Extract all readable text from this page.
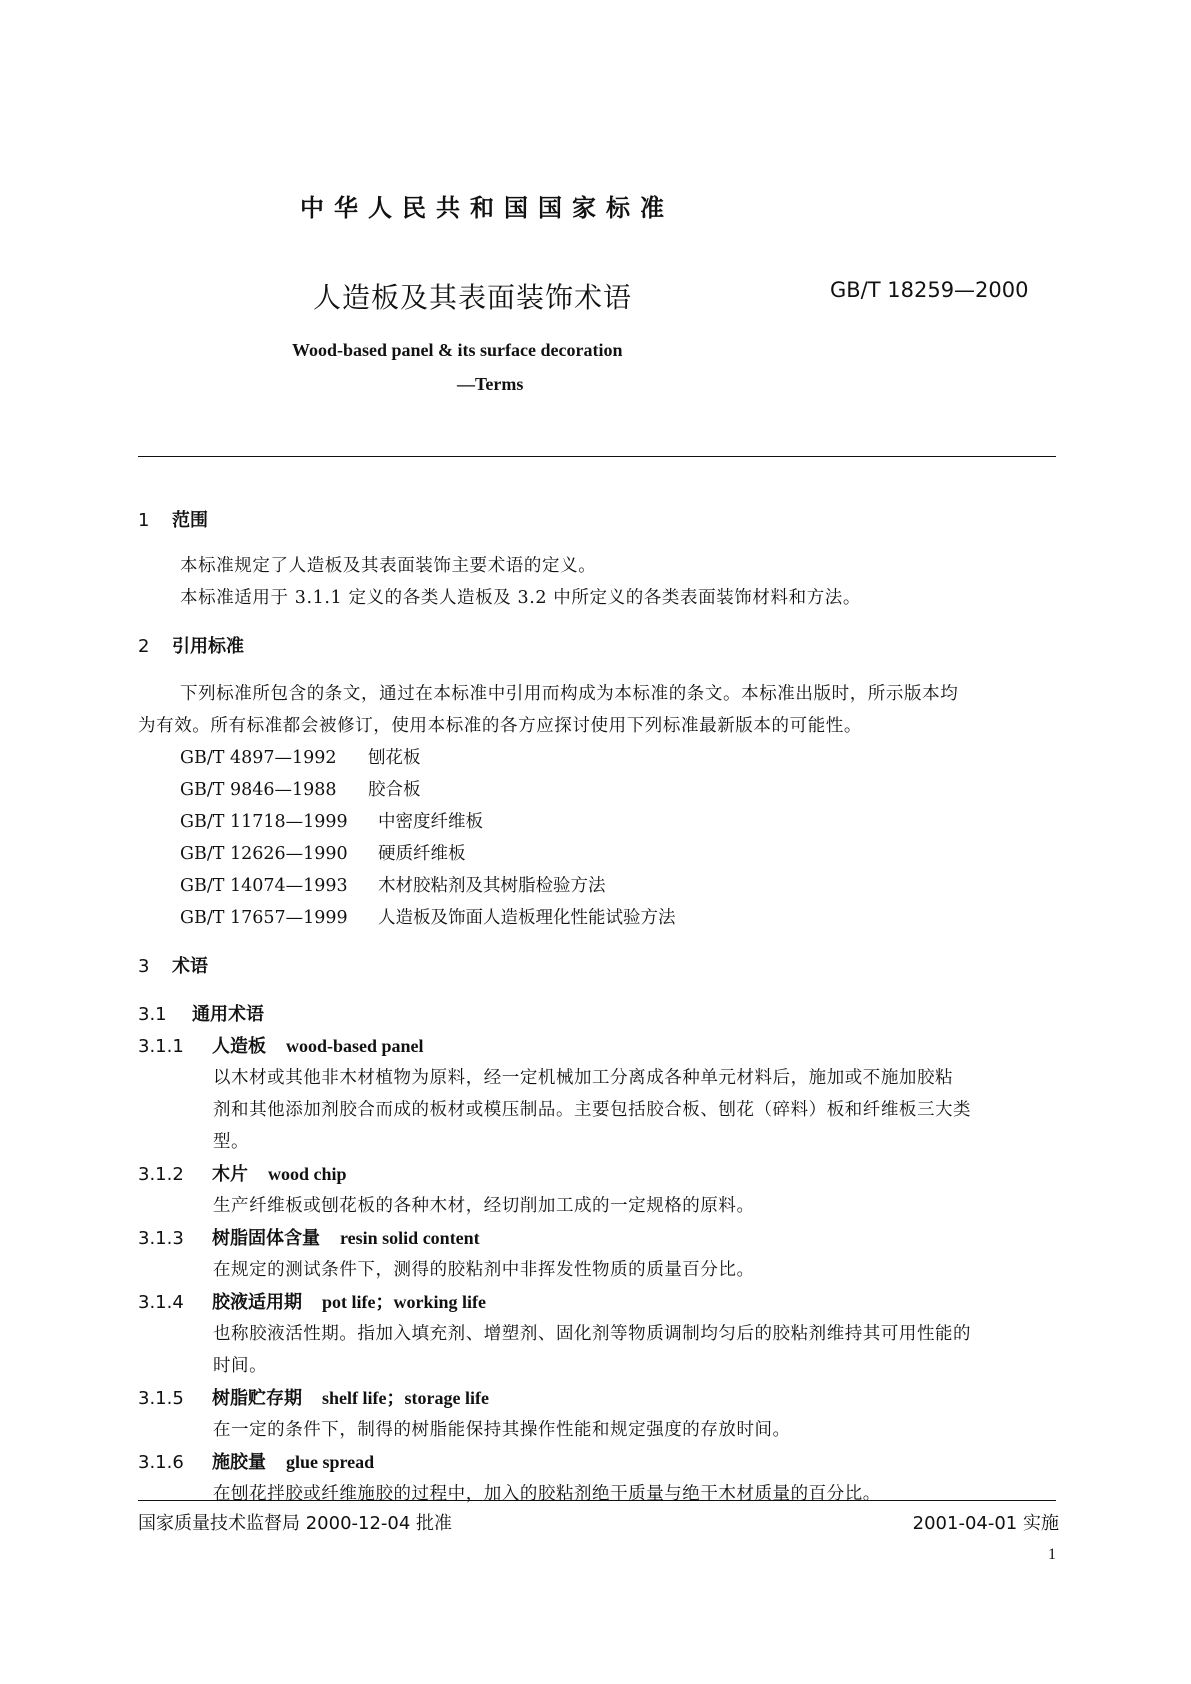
中华人民共和国国家标准
人造板及其表面装饰术语	GB/T 18259—2000
Wood-based panel & its surface decoration
—Terms
1 范围
本标准规定了人造板及其表面装饰主要术语的定义。
本标准适用于 3.1.1 定义的各类人造板及 3.2 中所定义的各类表面装饰材料和方法。
2 引用标准
下列标准所包含的条文，通过在本标准中引用而构成为本标准的条文。本标准出版时，所示版本均
为有效。所有标准都会被修订，使用本标准的各方应探讨使用下列标准最新版本的可能性。
GB/T 4897—1992 刨花板
GB/T 9846—1988 胶合板
GB/T 11718—1999 中密度纤维板
GB/T 12626—1990 硬质纤维板
GB/T 14074—1993 木材胶粘剂及其树脂检验方法
GB/T 17657—1999 人造板及饰面人造板理化性能试验方法
3 术语
3.1 通用术语
3.1.1 人造板 wood-based panel
以木材或其他非木材植物为原料，经一定机械加工分离成各种单元材料后，施加或不施加胶粘
剂和其他添加剂胶合而成的板材或模压制品。主要包括胶合板、刨花（碎料）板和纤维板三大类
型。
3.1.2 木片 wood chip
生产纤维板或刨花板的各种木材，经切削加工成的一定规格的原料。
3.1.3 树脂固体含量 resin solid content
在规定的测试条件下，测得的胶粘剂中非挥发性物质的质量百分比。
3.1.4 胶液适用期 pot life；working life
也称胶液活性期。指加入填充剂、增塑剂、固化剂等物质调制均匀后的胶粘剂维持其可用性能的
时间。
3.1.5 树脂贮存期 shelf life；storage life
在一定的条件下，制得的树脂能保持其操作性能和规定强度的存放时间。
3.1.6 施胶量 glue spread
在刨花拌胶或纤维施胶的过程中，加入的胶粘剂绝干质量与绝干木材质量的百分比。
国家质量技术监督局 2000-12-04 批准	2001-04-01 实施
1
